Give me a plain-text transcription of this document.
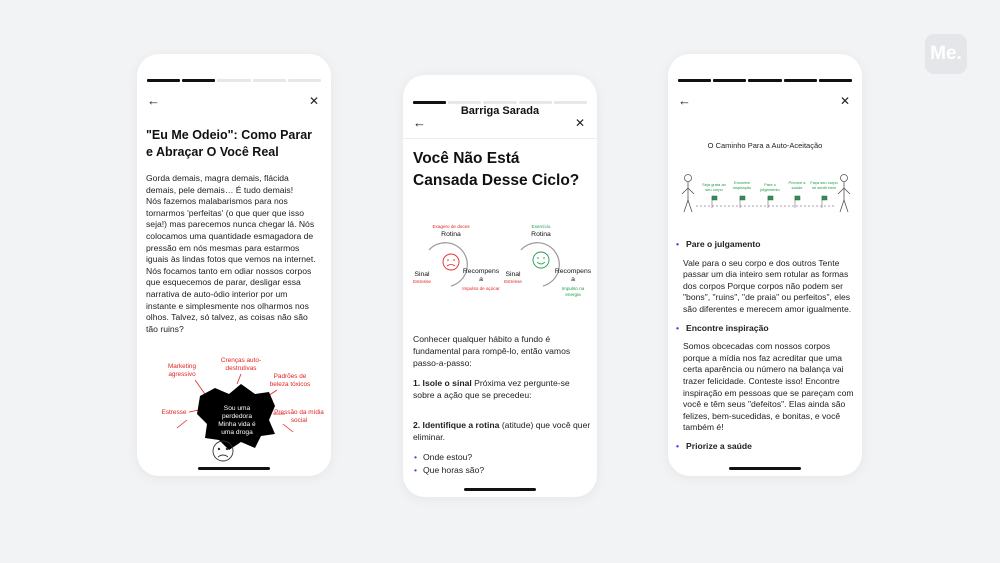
Me.
←	✕
"Eu Me Odeio": Como Parar
e Abraçar O Você Real
Gorda demais, magra demais, flácida
demais, pele demais… É tudo demais!
Nós fazemos malabarismos para nos
tornarmos 'perfeitas' (o que quer que isso
seja!) mas parecemos nunca chegar lá. Nós
colocamos uma quantidade esmagadora de
pressão em nós mesmas para estarmos
iguais às lindas fotos que vemos na internet.
Nós focamos tanto em odiar nossos corpos
que esquecemos de parar, desligar essa
narrativa de auto-ódio interior por um
instante e simplesmente nos olharmos nos
olhos. Talvez, só talvez, as coisas não são
tão ruins?
Marketing
agressivo
Crenças auto-
destrutivas
Padrões de
beleza tóxicos
Estresse	Pressão da mídia
social
Sou uma
perdedora
Minha vida é
uma droga
Barriga Sarada
←	✕
Você Não Está
Cansada Desse Ciclo?
Exagero de doces
Rotina
Sinal
Estresse
Recompens
a
Impulso de açúcar
Exercício
Rotina
Sinal
Estresse
Recompens
a
Impulso na
energia

Conhecer qualquer hábito a fundo é fundamental para rompê-lo, então vamos passo-a-passo:

1. Isole o sinal Próxima vez pergunte-se sobre a ação que se precedeu:

2. Identifique a rotina (atitude) que você quer eliminar.

• Onde estou?
• Que horas são?
←	✕
O Caminho Para a Auto-Aceitação
Seja grata ao
seu corpo
Encontre
inspiração
Pare o
julgamento
Priorize a
saúde
Faça seu corpo
se sentir bem
• Pare o julgamento

Vale para o seu corpo e dos outros Tente passar um dia inteiro sem rotular as formas dos corpos Porque corpos não podem ser "bons", "ruins", "de praia" ou perfeitos", eles são diferentes e merecem amor igualmente.

• Encontre inspiração

Somos obcecadas com nossos corpos porque a mídia nos faz acreditar que uma certa aparência ou número na balança vai trazer felicidade. Conteste isso! Encontre inspiração em pessoas que se pareçam com você e têm seus "defeitos". Elas ainda são felizes, bem-sucedidas, e bonitas, e você também é!

• Priorize a saúde
